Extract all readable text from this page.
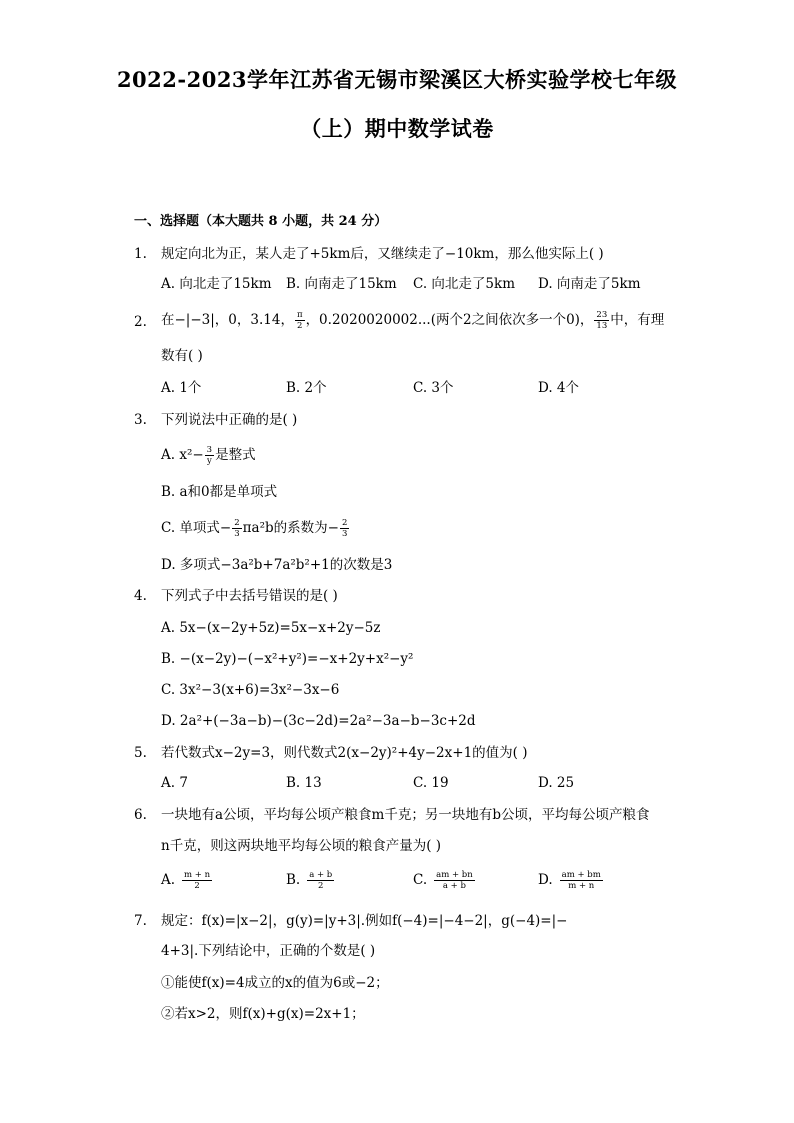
2022-2023学年江苏省无锡市梁溪区大桥实验学校七年级
（上）期中数学试卷
一、选择题（本大题共 8 小题，共 24 分）
1. 规定向北为正，某人走了+5km后，又继续走了−10km，那么他实际上( )
A. 向北走了15km B. 向南走了15km C. 向北走了5km D. 向南走了5km
2. 在−|−3|，0，3.14， $\frac{\pi}{2}$ ，0.2020020002...(两个2之间依次多一个0)， $\frac{23}{13}$ 中，有理
数有( )
A. 1个	B. 2个	C. 3个	D. 4个
3. 下列说法中正确的是( )
A. $x^2- \frac{3}{y}$ 是整式
B. a和0都是单项式
C. 单项式− $\frac{2}{3} \pi a^2b$的系数为− $\frac{2}{3}$
D. 多项式−3a²b+7a²b²+1的次数是3
4. 下列式子中去括号错误的是( )
A. 5x−(x−2y+5z)=5x−x+2y−5z
B. −(x−2y)−(−x²+y²)=−x+2y+x²−y²
C. 3x²−3(x+6)=3x²−3x−6
D. 2a²+(−3a−b)−(3c−2d)=2a²−3a−b−3c+2d
5. 若代数式x−2y=3，则代数式2(x−2y)²+4y−2x+1的值为( )
A. 7	B. 13	C. 19	D. 25
6. 一块地有a公顷，平均每公顷产粮食m千克；另一块地有b公顷，平均每公顷产粮食
n千克，则这两块地平均每公顷的粮食产量为( )
A. $\frac{m + n}{2}$	B. $\frac{a + b}{2}$	C. $\frac{am + bn}{a + b}$	D. $\frac{am + bm}{m + n}$
7. 规定：f(x)=|x−2|，g(y)=|y+3|.例如f(−4)=|−4−2|，g(−4)=|−
4+3|.下列结论中，正确的个数是( )
①能使f(x)=4成立的x的值为6或−2；
②若x>2，则f(x)+g(x)=2x+1；
